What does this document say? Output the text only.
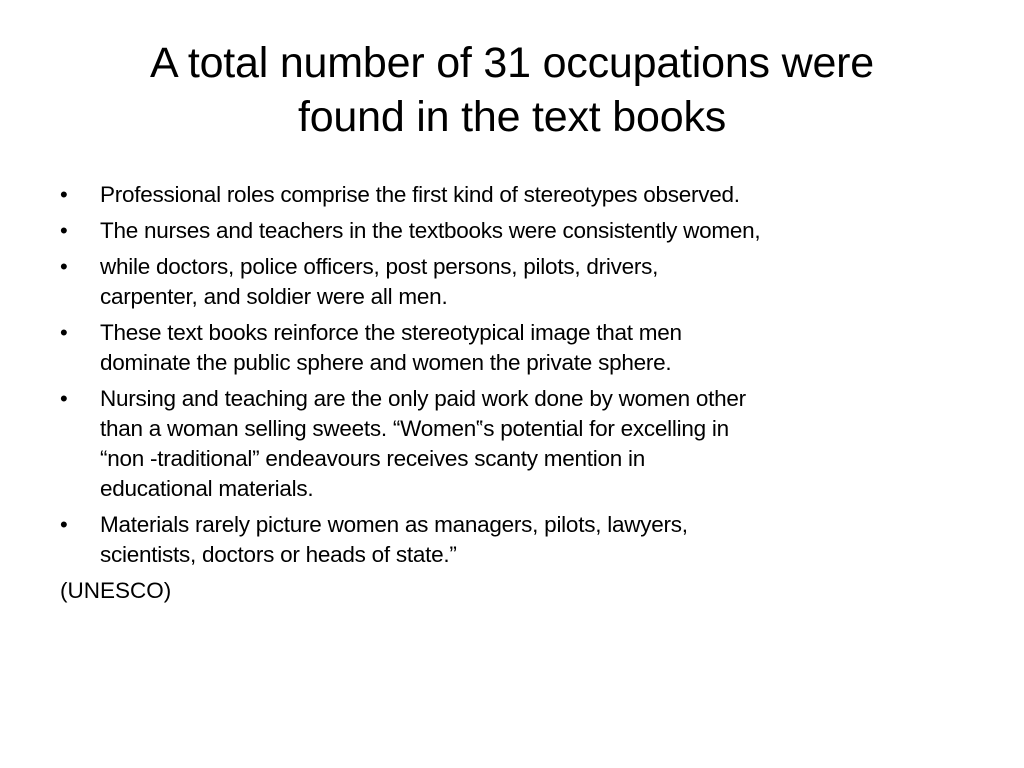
A total number of 31 occupations were
found in the text books
• Professional roles comprise the first kind of stereotypes observed.
• The nurses and teachers in the textbooks were consistently women,
• while doctors, police officers, post persons, pilots, drivers,
carpenter, and soldier were all men.
• These text books reinforce the stereotypical image that men
dominate the public sphere and women the private sphere.
• Nursing and teaching are the only paid work done by women other
than a woman selling sweets. “Women‟s potential for excelling in
“non -traditional” endeavours receives scanty mention in
educational materials.
• Materials rarely picture women as managers, pilots, lawyers,
scientists, doctors or heads of state.”

(UNESCO)
